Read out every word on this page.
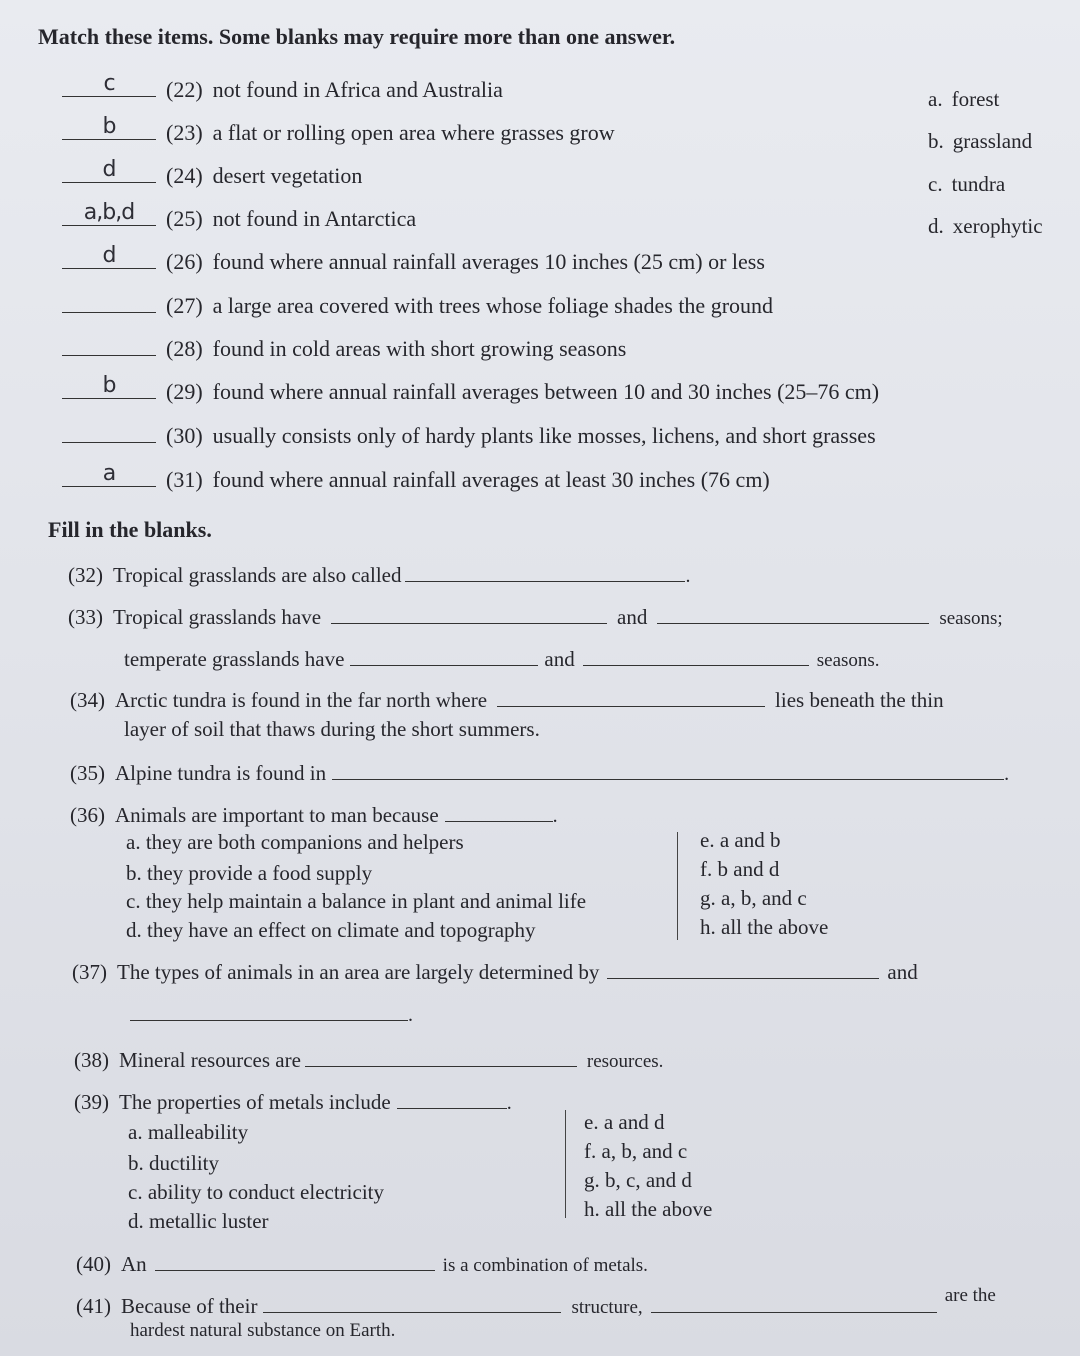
Match these items. Some blanks may require more than one answer.
c	(22) not found in Africa and Australia
b	(23) a flat or rolling open area where grasses grow
d	(24) desert vegetation
a,b,d	(25) not found in Antarctica
d	(26) found where annual rainfall averages 10 inches (25 cm) or less
(27) a large area covered with trees whose foliage shades the ground
(28) found in cold areas with short growing seasons
b	(29) found where annual rainfall averages between 10 and 30 inches (25–76 cm)
(30) usually consists only of hardy plants like mosses, lichens, and short grasses
a	(31) found where annual rainfall averages at least 30 inches (76 cm)
a. forest
b. grassland
c. tundra
d. xerophytic
Fill in the blanks.
(32) Tropical grasslands are also called	.
(33) Tropical grasslands have	and	seasons;
temperate grasslands have	and	seasons.
(34) Arctic tundra is found in the far north where	lies beneath the thin
layer of soil that thaws during the short summers.
(35) Alpine tundra is found in	.
(36) Animals are important to man because	.
a. they are both companions and helpers
b. they provide a food supply
c. they help maintain a balance in plant and animal life
d. they have an effect on climate and topography
e. a and b
f. b and d
g. a, b, and c
h. all the above
(37) The types of animals in an area are largely determined by	and
.
(38) Mineral resources are	resources.
(39) The properties of metals include	.
a. malleability
b. ductility
c. ability to conduct electricity
d. metallic luster
e. a and d
f. a, b, and c
g. b, c, and d
h. all the above
(40) An	is a combination of metals.
(41) Because of their	structure,
are the
hardest natural substance on Earth.
